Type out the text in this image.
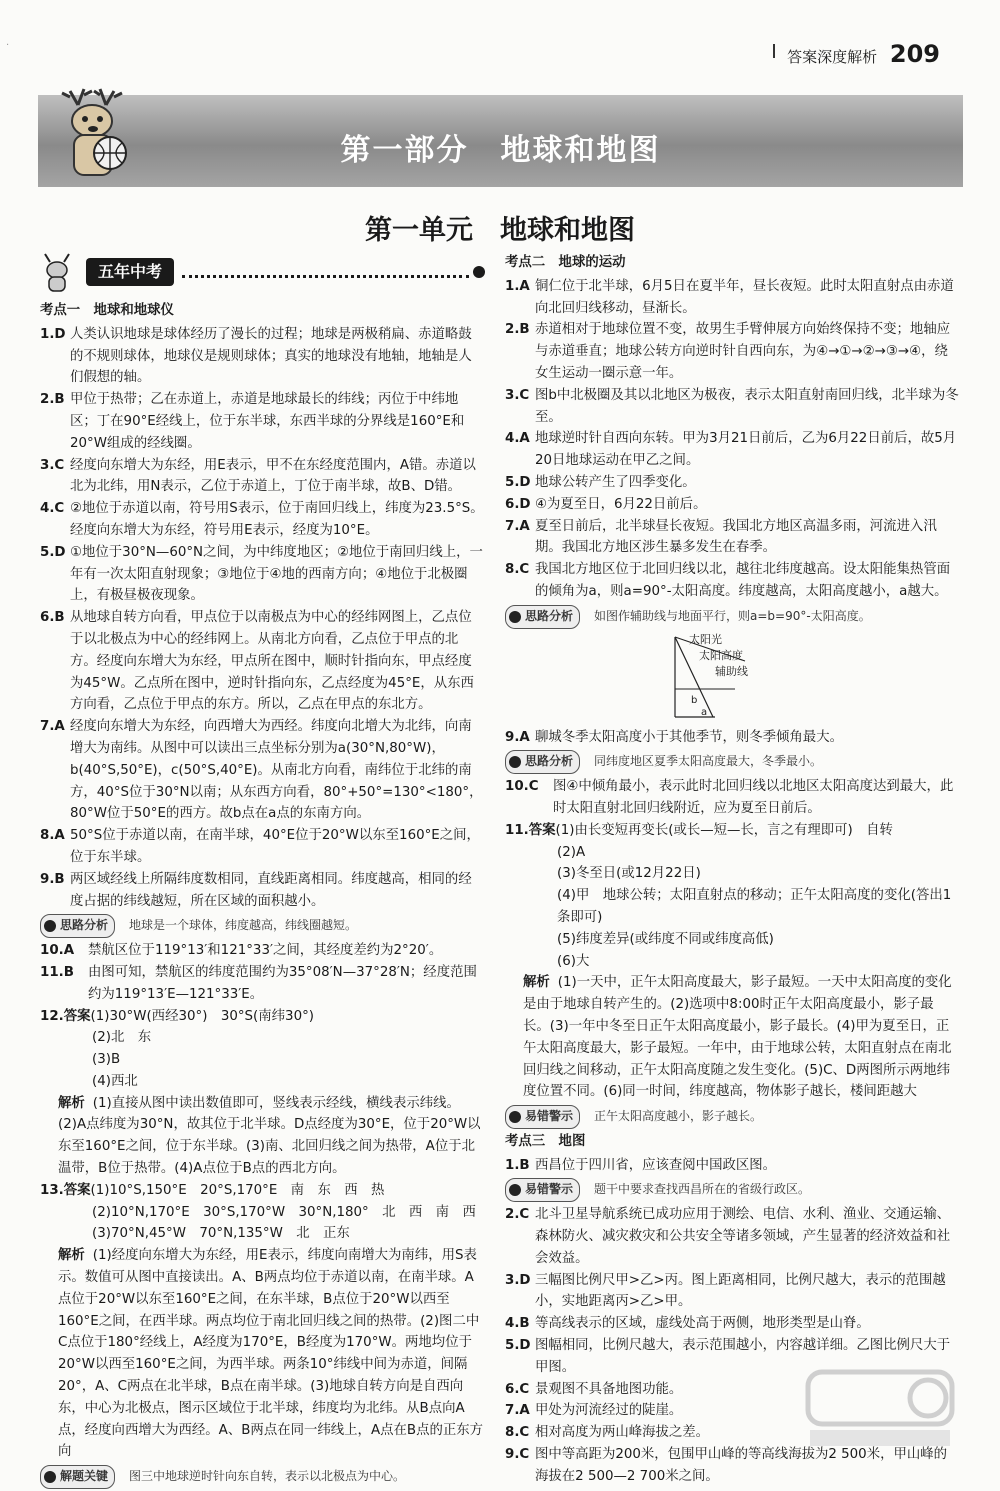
·
答案深度解析 209
第一部分　地球和地图
第一单元　地球和地图
五年中考
考点一　地球和地球仪
1.D 人类认识地球是球体经历了漫长的过程；地球是两极稍扁、赤道略鼓的不规则球体，地球仪是规则球体；真实的地球没有地轴，地轴是人们假想的轴。
2.B 甲位于热带；乙在赤道上，赤道是地球最长的纬线；丙位于中纬地区；丁在90°E经线上，位于东半球，东西半球的分界线是160°E和20°W组成的经线圈。
3.C 经度向东增大为东经，用E表示，甲不在东经度范围内，A错。赤道以北为北纬，用N表示，乙位于赤道上，丁位于南半球，故B、D错。
4.C ②地位于赤道以南，符号用S表示，位于南回归线上，纬度为23.5°S。经度向东增大为东经，符号用E表示，经度为10°E。
5.D ①地位于30°N—60°N之间，为中纬度地区；②地位于南回归线上，一年有一次太阳直射现象；③地位于④地的西南方向；④地位于北极圈上，有极昼极夜现象。
6.B 从地球自转方向看，甲点位于以南极点为中心的经纬网图上，乙点位于以北极点为中心的经纬网上。从南北方向看，乙点位于甲点的北方。经度向东增大为东经，甲点所在图中，顺时针指向东，甲点经度为45°W。乙点所在图中，逆时针指向东，乙点经度为45°E，从东西方向看，乙点位于甲点的东方。所以，乙点在甲点的东北方。
7.A 经度向东增大为东经，向西增大为西经。纬度向北增大为北纬，向南增大为南纬。从图中可以读出三点坐标分别为a(30°N,80°W)，b(40°S,50°E)，c(50°S,40°E)。从南北方向看，南纬位于北纬的南方，40°S位于30°N以南；从东西方向看，80°+50°=130°<180°，80°W位于50°E的西方。故b点在a点的东南方向。
8.A 50°S位于赤道以南，在南半球，40°E位于20°W以东至160°E之间，位于东半球。
9.B 两区域经线上所隔纬度数相同，直线距离相同。纬度越高，相同的经度占据的纬线越短，所在区域的面积越小。
思路分析 地球是一个球体，纬度越高，纬线圈越短。
10.A	禁航区位于119°13′和121°33′之间，其经度差约为2°20′。
11.B	由图可知，禁航区的纬度范围约为35°08′N—37°28′N；经度范围约为119°13′E—121°33′E。
12.答案 (1)30°W(西经30°)　30°S(南纬30°)
(2)北　东
(3)B
(4)西北
解析 (1)直接从图中读出数值即可，竖线表示经线，横线表示纬线。(2)A点纬度为30°N，故其位于北半球。D点经度为30°E，位于20°W以东至160°E之间，位于东半球。(3)南、北回归线之间为热带，A位于北温带，B位于热带。(4)A点位于B点的西北方向。
13.答案 (1)10°S,150°E　20°S,170°E　南　东　西　热
(2)10°N,170°E　30°S,170°W　30°N,180°　北　西　南　西
(3)70°N,45°W　70°N,135°W　北　正东
解析 (1)经度向东增大为东经，用E表示，纬度向南增大为南纬，用S表示。数值可从图中直接读出。A、B两点均位于赤道以南，在南半球。A点位于20°W以东至160°E之间，在东半球，B点位于20°W以西至160°E之间，在西半球。两点均位于南北回归线之间的热带。(2)图二中C点位于180°经线上，A经度为170°E，B经度为170°W。两地均位于20°W以西至160°E之间，为西半球。两条10°纬线中间为赤道，间隔20°，A、C两点在北半球，B点在南半球。(3)地球自转方向是自西向东，中心为北极点，图示区域位于北半球，纬度均为北纬。从B点向A点，经度向西增大为西经。A、B两点在同一纬线上，A点在B点的正东方向
解题关键 图三中地球逆时针向东自转，表示以北极点为中心。
考点二　地球的运动
1.A 铜仁位于北半球，6月5日在夏半年，昼长夜短。此时太阳直射点由赤道向北回归线移动，昼渐长。
2.B 赤道相对于地球位置不变，故男生手臂伸展方向始终保持不变；地轴应与赤道垂直；地球公转方向逆时针自西向东，为④→①→②→③→④，绕女生运动一圈示意一年。
3.C 图b中北极圈及其以北地区为极夜，表示太阳直射南回归线，北半球为冬至。
4.A 地球逆时针自西向东转。甲为3月21日前后，乙为6月22日前后，故5月20日地球运动在甲乙之间。
5.D 地球公转产生了四季变化。
6.D ④为夏至日，6月22日前后。
7.A 夏至日前后，北半球昼长夜短。我国北方地区高温多雨，河流进入汛期。我国北方地区涉生暴多发生在春季。
8.C 我国北方地区位于北回归线以北，越往北纬度越高。设太阳能集热管面的倾角为a，则a=90°-太阳高度。纬度越高，太阳高度越小，a越大。
思路分析 如图作辅助线与地面平行，则a=b=90°-太阳高度。
太阳光
太阳高度
辅助线
b
a
9.A 聊城冬季太阳高度小于其他季节，则冬季倾角最大。
思路分析 同纬度地区夏季太阳高度最大，冬季最小。
10.C	图④中倾角最小，表示此时北回归线以北地区太阳高度达到最大，此时太阳直射北回归线附近，应为夏至日前后。
11.答案 (1)由长变短再变长(或长—短—长，言之有理即可)　自转
(2)A
(3)冬至日(或12月22日)
(4)甲　地球公转；太阳直射点的移动；正午太阳高度的变化(答出1条即可)
(5)纬度差异(或纬度不同或纬度高低)
(6)大
解析 (1)一天中，正午太阳高度最大，影子最短。一天中太阳高度的变化是由于地球自转产生的。(2)选项中8:00时正午太阳高度最小，影子最长。(3)一年中冬至日正午太阳高度最小，影子最长。(4)甲为夏至日，正午太阳高度最大，影子最短。一年中，由于地球公转，太阳直射点在南北回归线之间移动，正午太阳高度随之发生变化。(5)C、D两图所示两地纬度位置不同。(6)同一时间，纬度越高，物体影子越长，楼间距越大
易错警示 正午太阳高度越小，影子越长。
考点三　地图
1.B 西昌位于四川省，应该查阅中国政区图。
易错警示 题干中要求查找西昌所在的省级行政区。
2.C 北斗卫星导航系统已成功应用于测绘、电信、水利、渔业、交通运输、森林防火、减灾救灾和公共安全等诸多领域，产生显著的经济效益和社会效益。
3.D 三幅图比例尺甲>乙>丙。图上距离相同，比例尺越大，表示的范围越小，实地距离丙>乙>甲。
4.B 等高线表示的区域，虚线处高于两侧，地形类型是山脊。
5.D 图幅相同，比例尺越大，表示范围越小，内容越详细。乙图比例尺大于甲图。
6.C 景观图不具备地图功能。
7.A 甲处为河流经过的陡崖。
8.C 相对高度为两山峰海拔之差。
9.C 图中等高距为200米，包围甲山峰的等高线海拔为2 500米，甲山峰的海拔在2 500—2 700米之间。
